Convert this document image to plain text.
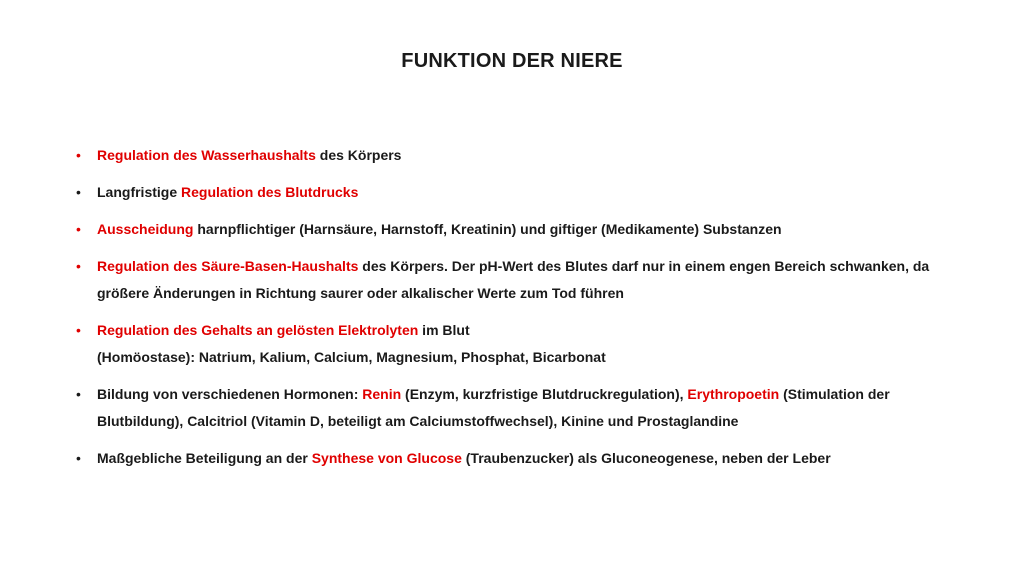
FUNKTION DER NIERE
• Regulation des Wasserhaushalts des Körpers
• Langfristige Regulation des Blutdrucks
• Ausscheidung harnpflichtiger (Harnsäure, Harnstoff, Kreatinin) und giftiger (Medikamente) Substanzen
• Regulation des Säure-Basen-Haushalts des Körpers. Der pH-Wert des Blutes darf nur in einem engen Bereich schwanken, da größere Änderungen in Richtung saurer oder alkalischer Werte zum Tod führen
• Regulation des Gehalts an gelösten Elektrolyten im Blut
(Homöostase): Natrium, Kalium, Calcium, Magnesium, Phosphat, Bicarbonat
• Bildung von verschiedenen Hormonen: Renin (Enzym, kurzfristige Blutdruckregulation), Erythropoetin (Stimulation der Blutbildung), Calcitriol (Vitamin D, beteiligt am Calciumstoffwechsel), Kinine und Prostaglandine
• Maßgebliche Beteiligung an der Synthese von Glucose (Traubenzucker) als Gluconeogenese, neben der Leber
